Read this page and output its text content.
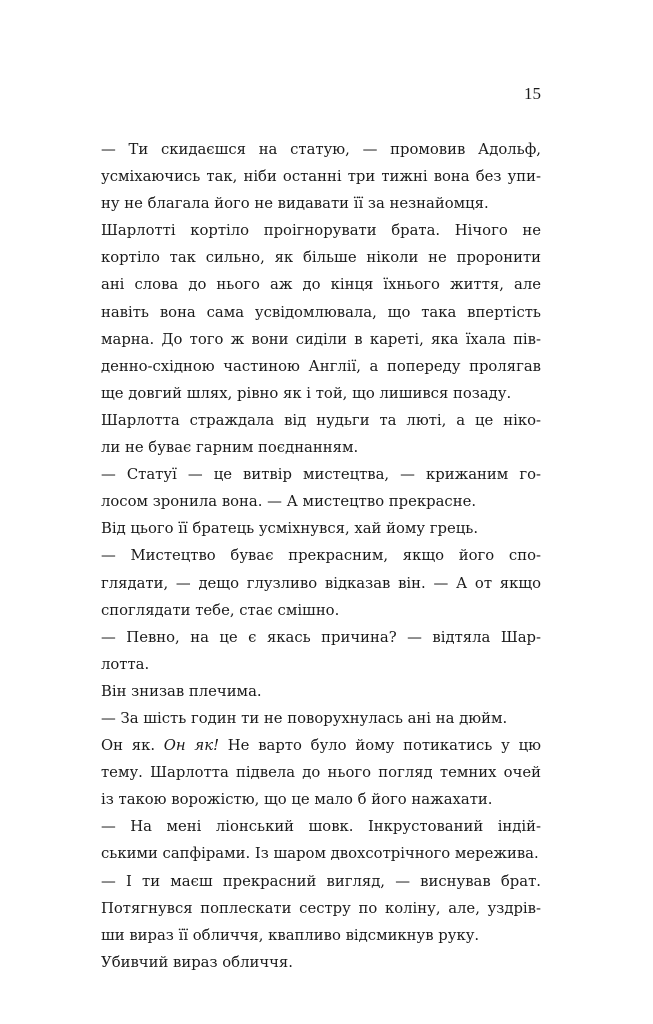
15
— Ти скидаєшся на статую, — промовив Адольф,
усміхаючись так, ніби останні три тижні вона без упи-
ну не благала його не видавати її за незнайомця.
Шарлотті кортіло проігнорувати брата. Нічого не
кортіло так сильно, як більше ніколи не проронити
ані слова до нього аж до кінця їхнього життя, але
навіть вона сама усвідомлювала, що така впертість
марна. До того ж вони сиділи в кареті, яка їхала пів-
денно-східною частиною Англії, а попереду пролягав
ще довгий шлях, рівно як і той, що лишився позаду.
Шарлотта страждала від нудьги та люті, а це ніко-
ли не буває гарним поєднанням.
— Статуї — це витвір мистецтва, — крижаним го-
лосом зронила вона. — А мистецтво прекрасне.
Від цього її братець усміхнувся, хай йому грець.
— Мистецтво буває прекрасним, якщо його спо-
глядати, — дещо глузливо відказав він. — А от якщо
споглядати тебе, стає смішно.
— Певно, на це є якась причина? — відтяла Шар-
лотта.
Він знизав плечима.
— За шість годин ти не поворухнулась ані на дюйм.
Он як. Он як! Не варто було йому потикатись у цю
тему. Шарлотта підвела до нього погляд темних очей
із такою ворожістю, що це мало б його нажахати.
— На мені ліонський шовк. Інкрустований індій-
ськими сапфірами. Із шаром двохсотрічного мереживa.
— І ти маєш прекрасний вигляд, — виснував брат.
Потягнувся поплескати сестру по коліну, але, уздрів-
ши вираз її обличчя, квапливо відсмикнув руку.
Убивчий вираз обличчя.
